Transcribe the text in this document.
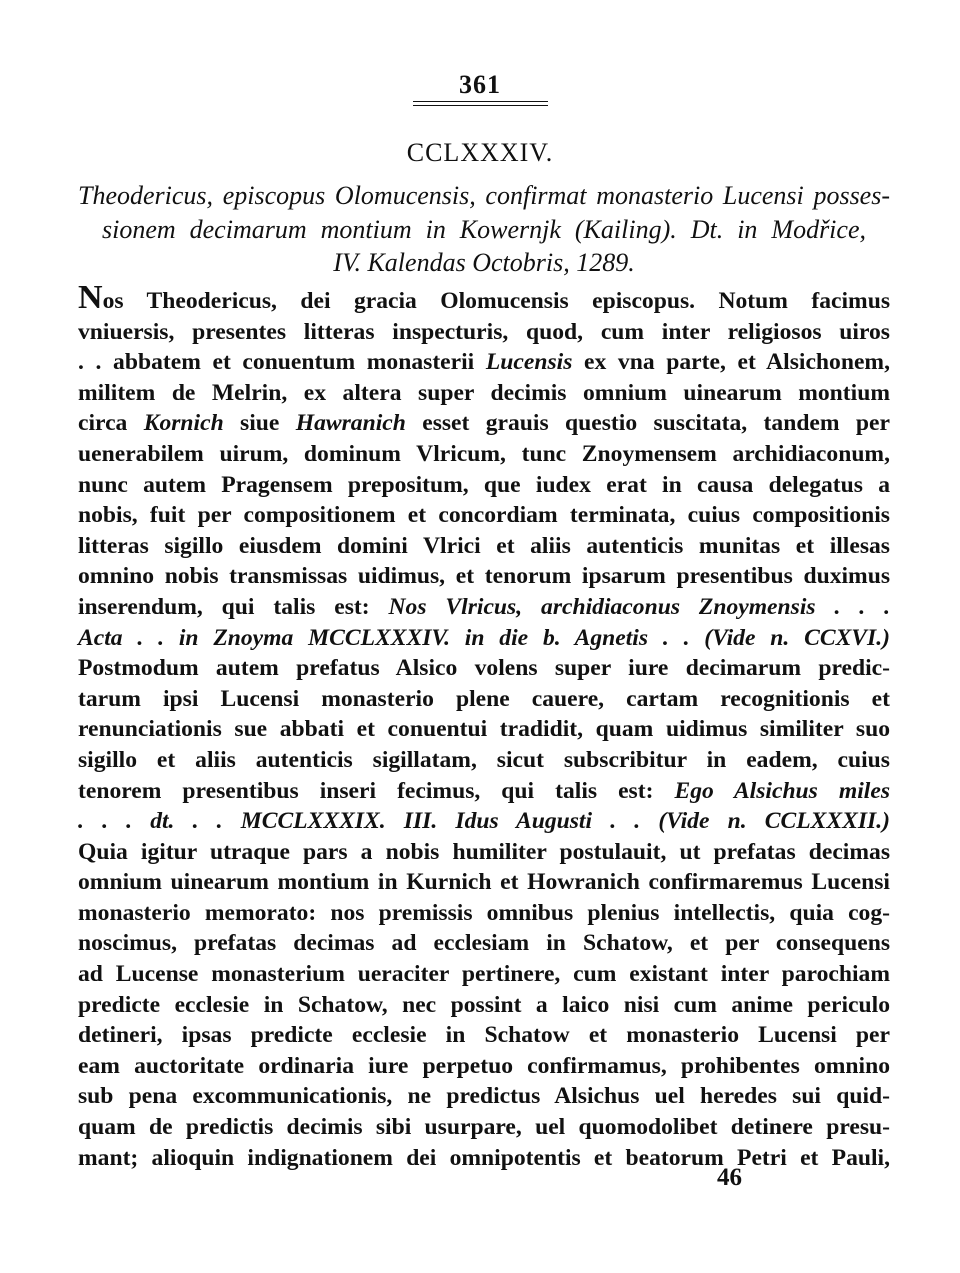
361
CCLXXXIV.
Theodericus, episcopus Olomucensis, confirmat monasterio Lucensi posses-
sionem decimarum montium in Kowernjk (Kailing). Dt. in Modřice,
IV. Kalendas Octobris, 1289.
Nos Theodericus, dei gracia Olomucensis episcopus. Notum facimus
vniuersis, presentes litteras inspecturis, quod, cum inter religiosos uiros
. . abbatem et conuentum monasterii Lucensis ex vna parte, et Alsichonem,
militem de Melrin, ex altera super decimis omnium uinearum montium
circa Kornich siue Hawranich esset grauis questio suscitata, tandem per
uenerabilem uirum, dominum Vlricum, tunc Znoymensem archidiaconum,
nunc autem Pragensem prepositum, que iudex erat in causa delegatus a
nobis, fuit per compositionem et concordiam terminata, cuius compositionis
litteras sigillo eiusdem domini Vlrici et aliis autenticis munitas et illesas
omnino nobis transmissas uidimus, et tenorum ipsarum presentibus duximus
inserendum, qui talis est: Nos Vlricus, archidiaconus Znoymensis . . .
Acta . . in Znoyma MCCLXXXIV. in die b. Agnetis . . (Vide n. CCXVI.)
Postmodum autem prefatus Alsico volens super iure decimarum predic-
tarum ipsi Lucensi monasterio plene cauere, cartam recognitionis et
renunciationis sue abbati et conuentui tradidit, quam uidimus similiter suo
sigillo et aliis autenticis sigillatam, sicut subscribitur in eadem, cuius
tenorem presentibus inseri fecimus, qui talis est: Ego Alsichus miles
. . . dt. . . MCCLXXXIX. III. Idus Augusti . . (Vide n. CCLXXXII.)
Quia igitur utraque pars a nobis humiliter postulauit, ut prefatas decimas
omnium uinearum montium in Kurnich et Howranich confirmaremus Lucensi
monasterio memorato: nos premissis omnibus plenius intellectis, quia cog-
noscimus, prefatas decimas ad ecclesiam in Schatow, et per consequens
ad Lucense monasterium ueraciter pertinere, cum existant inter parochiam
predicte ecclesie in Schatow, nec possint a laico nisi cum anime periculo
detineri, ipsas predicte ecclesie in Schatow et monasterio Lucensi per
eam auctoritate ordinaria iure perpetuo confirmamus, prohibentes omnino
sub pena excommunicationis, ne predictus Alsichus uel heredes sui quid-
quam de predictis decimis sibi usurpare, uel quomodolibet detinere presu-
mant; alioquin indignationem dei omnipotentis et beatorum Petri et Pauli,
46
